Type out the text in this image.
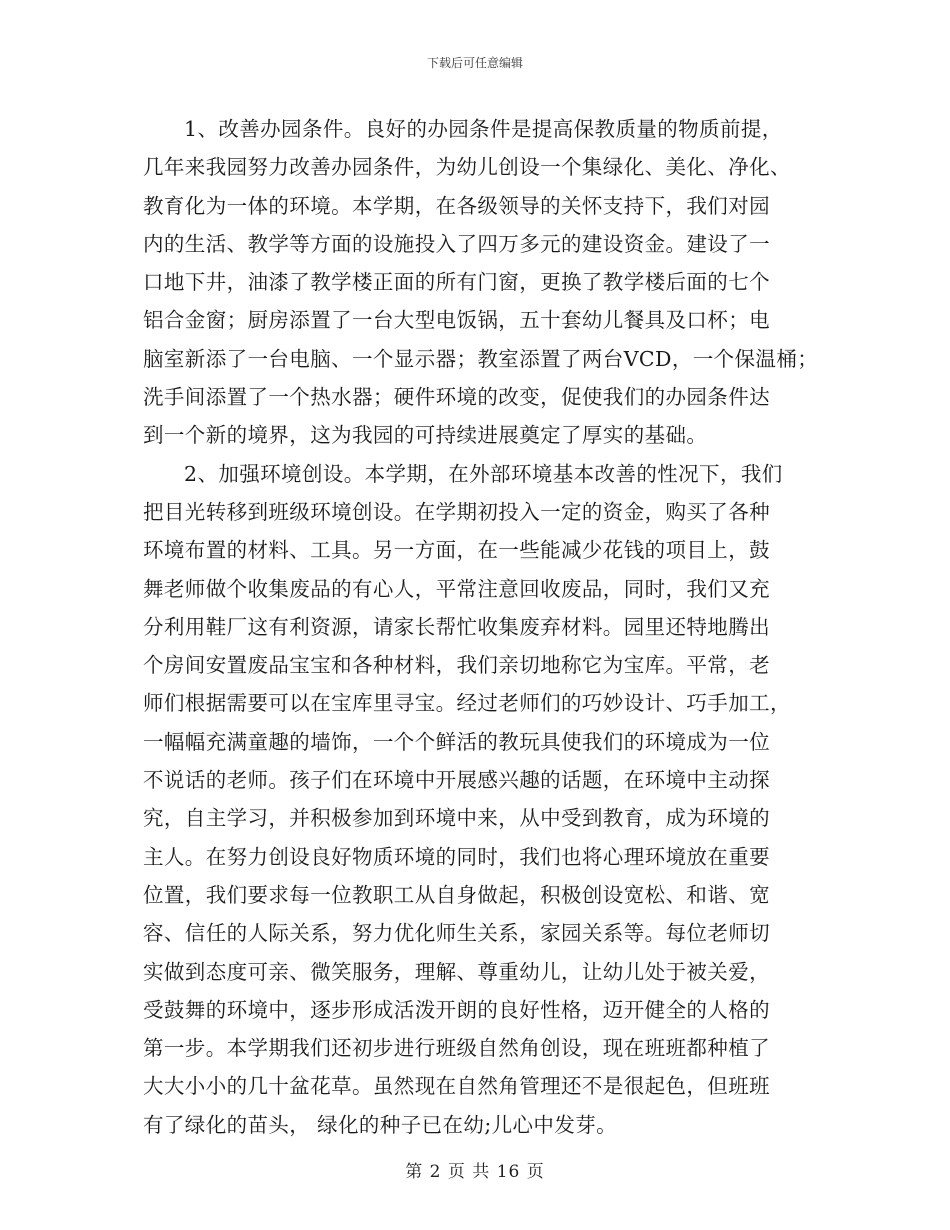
下载后可任意编辑
1、改善办园条件。良好的办园条件是提高保教质量的物质前提，
几年来我园努力改善办园条件，为幼儿创设一个集绿化、美化、净化、
教育化为一体的环境。本学期，在各级领导的关怀支持下，我们对园
内的生活、教学等方面的设施投入了四万多元的建设资金。建设了一
口地下井，油漆了教学楼正面的所有门窗，更换了教学楼后面的七个
铝合金窗；厨房添置了一台大型电饭锅，五十套幼儿餐具及口杯；电
脑室新添了一台电脑、一个显示器；教室添置了两台VCD，一个保温桶；
洗手间添置了一个热水器；硬件环境的改变，促使我们的办园条件达
到一个新的境界，这为我园的可持续进展奠定了厚实的基础。
2、加强环境创设。本学期，在外部环境基本改善的性况下，我们
把目光转移到班级环境创设。在学期初投入一定的资金，购买了各种
环境布置的材料、工具。另一方面，在一些能减少花钱的项目上，鼓
舞老师做个收集废品的有心人，平常注意回收废品，同时，我们又充
分利用鞋厂这有利资源，请家长帮忙收集废弃材料。园里还特地腾出
个房间安置废品宝宝和各种材料，我们亲切地称它为宝库。平常，老
师们根据需要可以在宝库里寻宝。经过老师们的巧妙设计、巧手加工，
一幅幅充满童趣的墙饰，一个个鲜活的教玩具使我们的环境成为一位
不说话的老师。孩子们在环境中开展感兴趣的话题，在环境中主动探
究，自主学习，并积极参加到环境中来，从中受到教育，成为环境的
主人。在努力创设良好物质环境的同时，我们也将心理环境放在重要
位置，我们要求每一位教职工从自身做起，积极创设宽松、和谐、宽
容、信任的人际关系，努力优化师生关系，家园关系等。每位老师切
实做到态度可亲、微笑服务，理解、尊重幼儿，让幼儿处于被关爱，
受鼓舞的环境中，逐步形成活泼开朗的良好性格，迈开健全的人格的
第一步。本学期我们还初步进行班级自然角创设，现在班班都种植了
大大小小的几十盆花草。虽然现在自然角管理还不是很起色，但班班
有了绿化的苗头， 绿化的种子已在幼;儿心中发芽。
第 2 页 共 16 页
